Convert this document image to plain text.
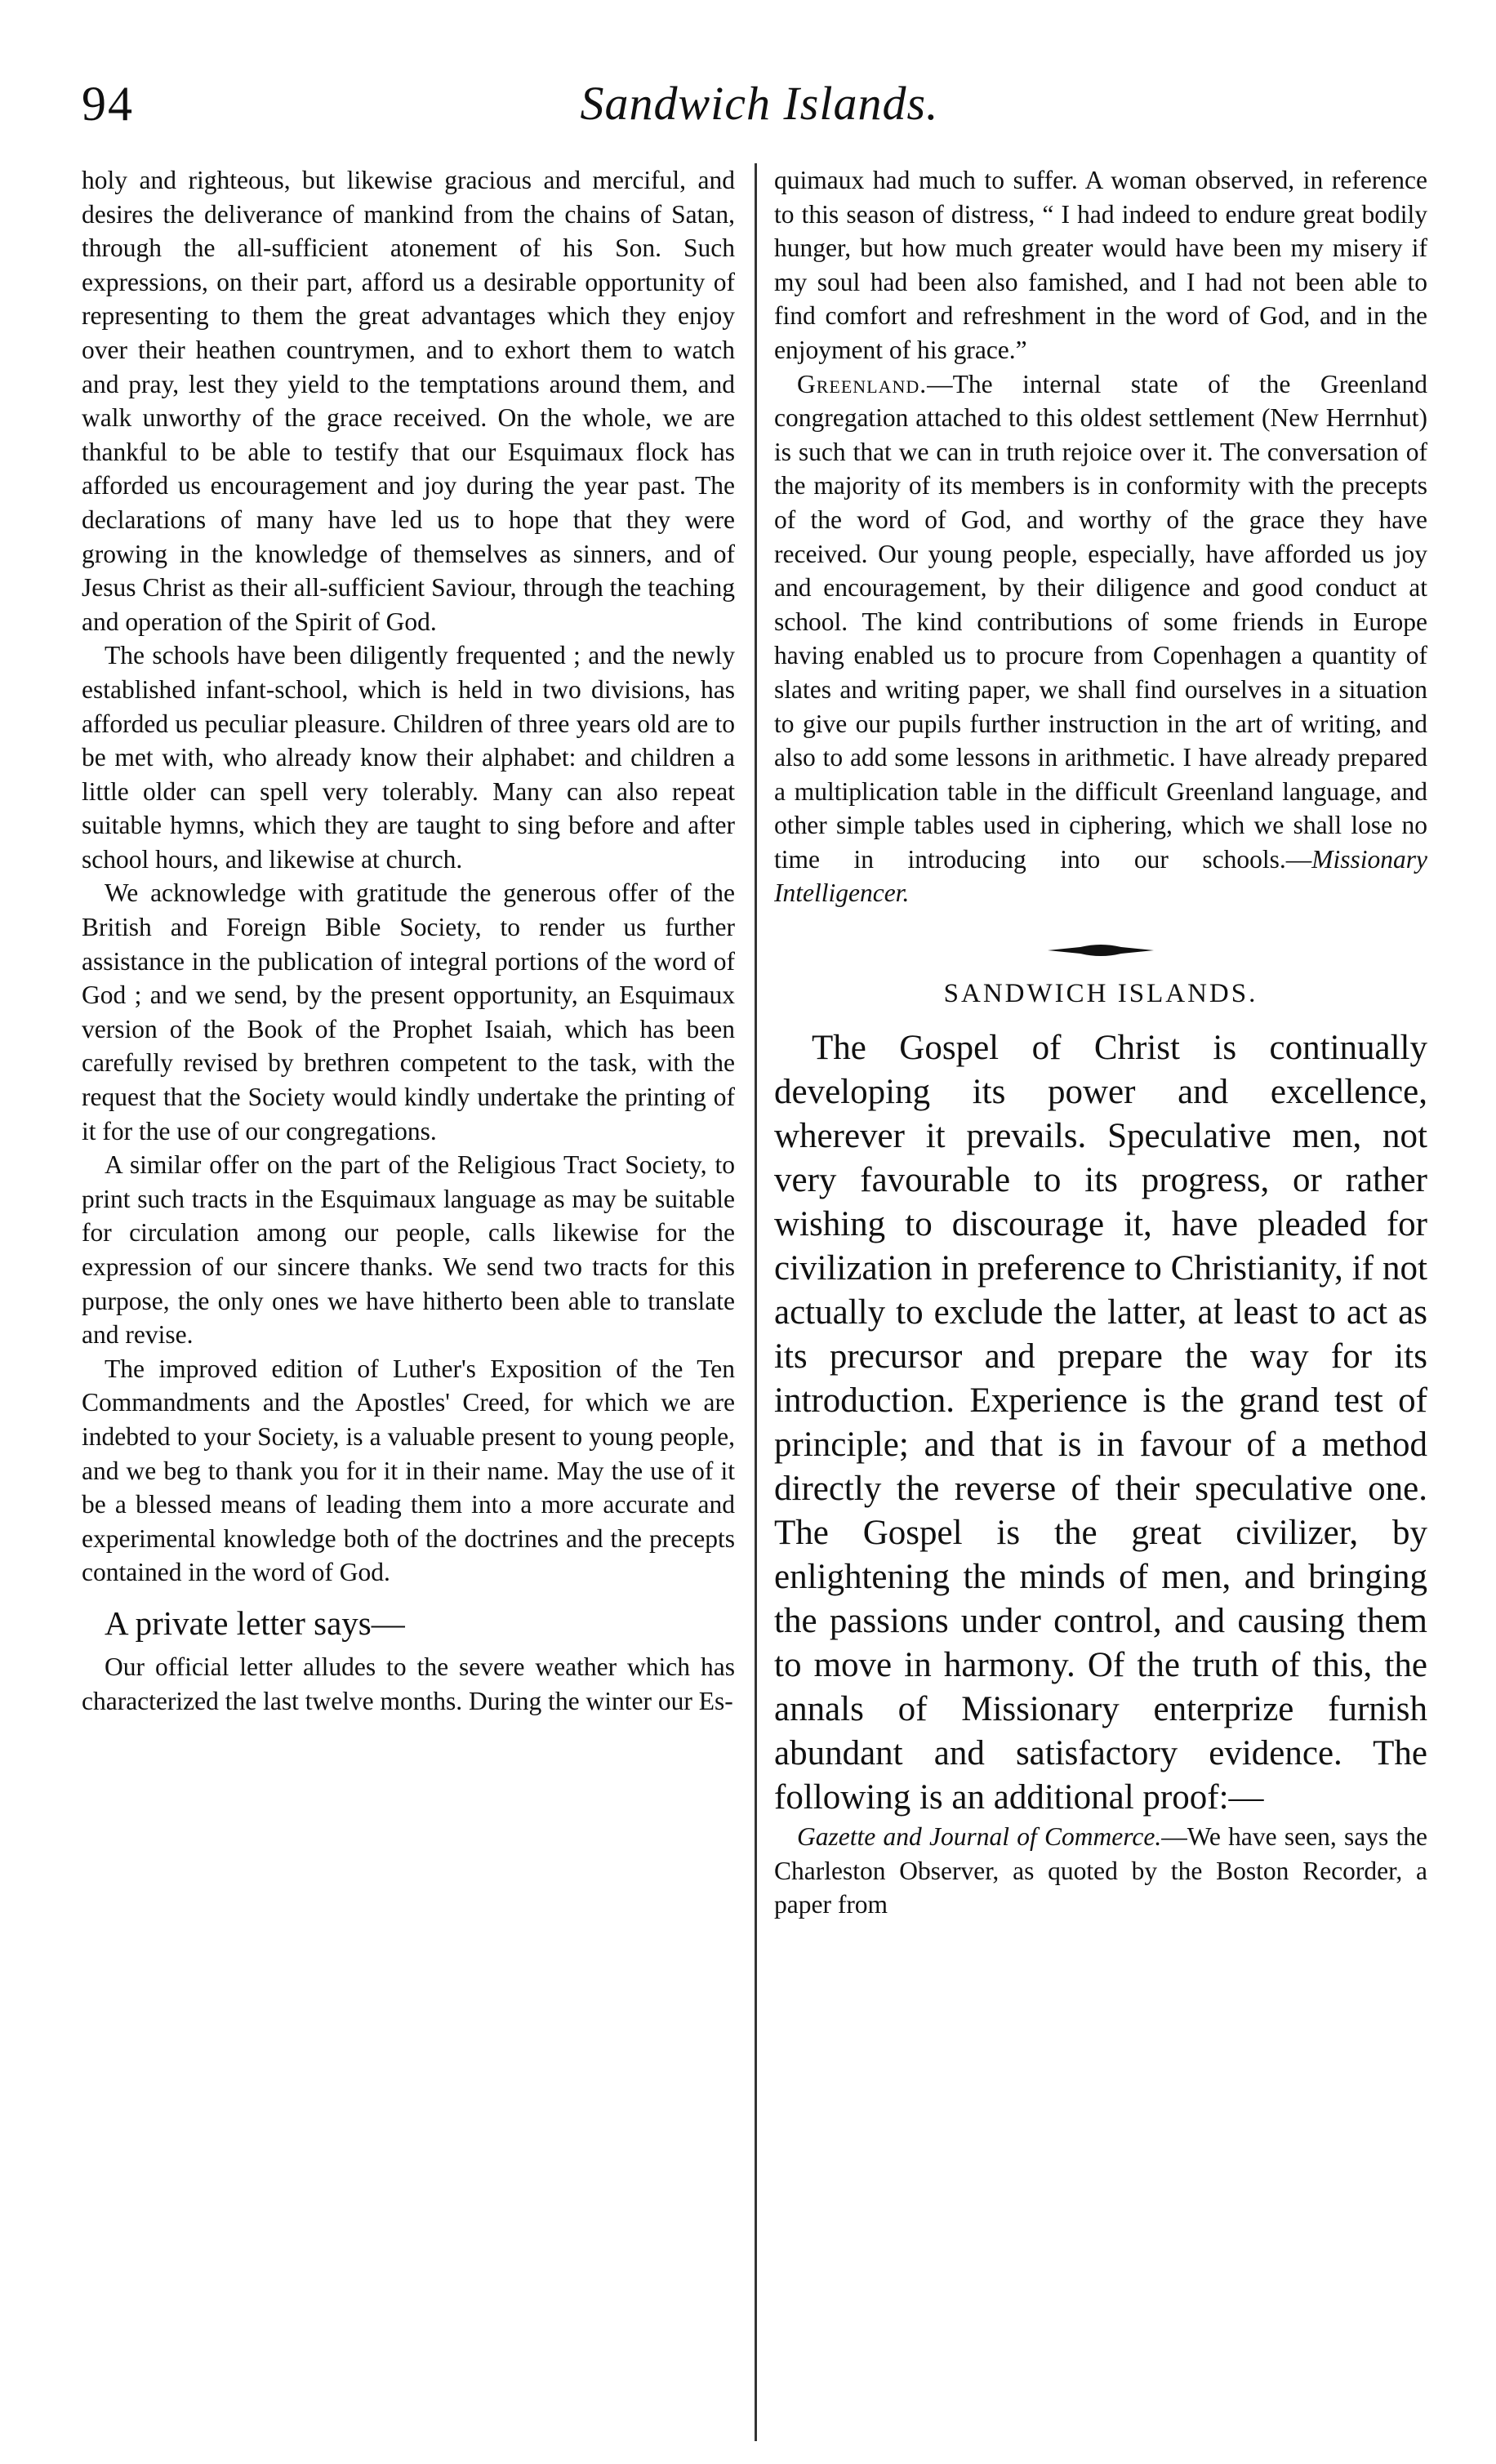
94	Sandwich Islands.

holy and righteous, but likewise gracious and merciful, and desires the deliverance of mankind from the chains of Satan, through the all-sufficient atonement of his Son. Such expressions, on their part, afford us a desirable opportunity of representing to them the great advantages which they enjoy over their heathen countrymen, and to exhort them to watch and pray, lest they yield to the temptations around them, and walk unworthy of the grace received. On the whole, we are thankful to be able to testify that our Esquimaux flock has afforded us encouragement and joy during the year past. The declarations of many have led us to hope that they were growing in the knowledge of themselves as sinners, and of Jesus Christ as their all-sufficient Saviour, through the teaching and operation of the Spirit of God.

The schools have been diligently frequented ; and the newly established infant-school, which is held in two divisions, has afforded us peculiar pleasure. Children of three years old are to be met with, who already know their alphabet: and children a little older can spell very tolerably. Many can also repeat suitable hymns, which they are taught to sing before and after school hours, and likewise at church.

We acknowledge with gratitude the generous offer of the British and Foreign Bible Society, to render us further assistance in the publication of integral portions of the word of God ; and we send, by the present opportunity, an Esquimaux version of the Book of the Prophet Isaiah, which has been carefully revised by brethren competent to the task, with the request that the Society would kindly undertake the printing of it for the use of our congregations.

A similar offer on the part of the Religious Tract Society, to print such tracts in the Esquimaux language as may be suitable for circulation among our people, calls likewise for the expression of our sincere thanks. We send two tracts for this purpose, the only ones we have hitherto been able to translate and revise.

The improved edition of Luther's Exposition of the Ten Commandments and the Apostles' Creed, for which we are indebted to your Society, is a valuable present to young people, and we beg to thank you for it in their name. May the use of it be a blessed means of leading them into a more accurate and experimental knowledge both of the doctrines and the precepts contained in the word of God.

A private letter says—

Our official letter alludes to the severe weather which has characterized the last twelve months. During the winter our Es-

quimaux had much to suffer. A woman observed, in reference to this season of distress, “ I had indeed to endure great bodily hunger, but how much greater would have been my misery if my soul had been also famished, and I had not been able to find comfort and refreshment in the word of God, and in the enjoyment of his grace.”

Greenland.—The internal state of the Greenland congregation attached to this oldest settlement (New Herrnhut) is such that we can in truth rejoice over it. The conversation of the majority of its members is in conformity with the precepts of the word of God, and worthy of the grace they have received. Our young people, especially, have afforded us joy and encouragement, by their diligence and good conduct at school. The kind contributions of some friends in Europe having enabled us to procure from Copenhagen a quantity of slates and writing paper, we shall find ourselves in a situation to give our pupils further instruction in the art of writing, and also to add some lessons in arithmetic. I have already prepared a multiplication table in the difficult Greenland language, and other simple tables used in ciphering, which we shall lose no time in introducing into our schools.—Missionary Intelligencer.

SANDWICH ISLANDS.

The Gospel of Christ is continually developing its power and excellence, wherever it prevails. Speculative men, not very favourable to its progress, or rather wishing to discourage it, have pleaded for civilization in preference to Christianity, if not actually to exclude the latter, at least to act as its precursor and prepare the way for its introduction. Experience is the grand test of principle; and that is in favour of a method directly the reverse of their speculative one. The Gospel is the great civilizer, by enlightening the minds of men, and bringing the passions under control, and causing them to move in harmony. Of the truth of this, the annals of Missionary enterprize furnish abundant and satisfactory evidence. The following is an additional proof:—

Gazette and Journal of Commerce.—We have seen, says the Charleston Observer, as quoted by the Boston Recorder, a paper from
